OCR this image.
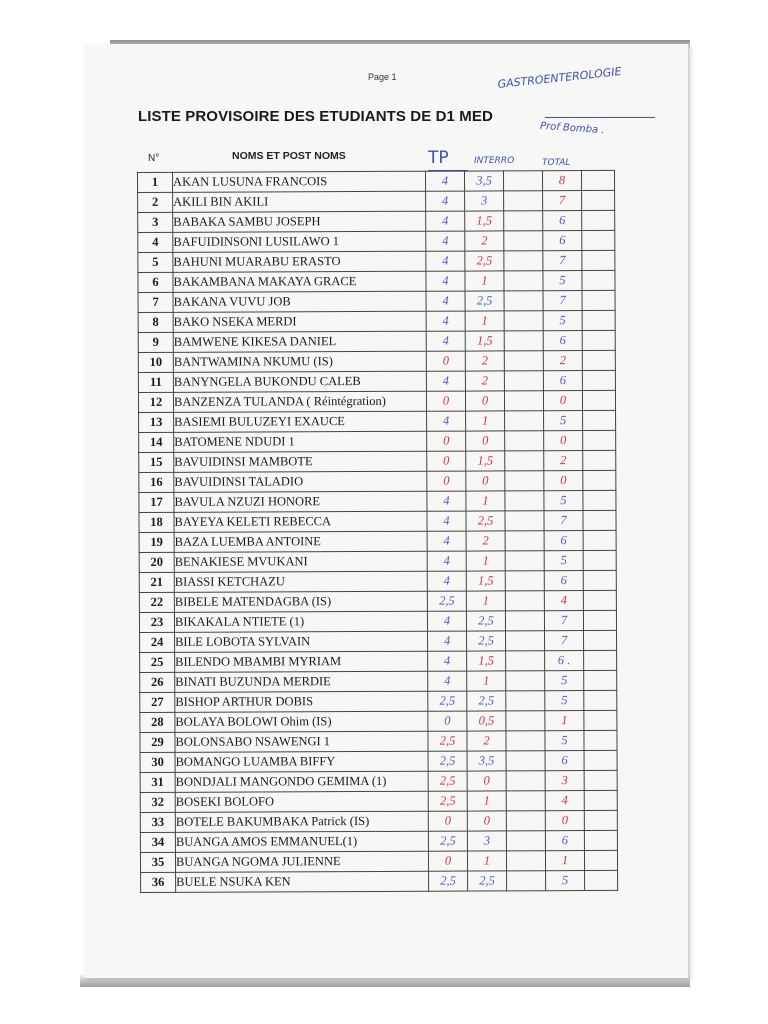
Page 1
LISTE PROVISOIRE DES ETUDIANTS DE D1 MED
GASTROENTEROLOGIE
Prof Bomba .
N°	NOMS ET POST NOMS	TP	INTERRO	TOTAL
1	AKAN LUSUNA FRANCOIS	4	3,5		8	
2	AKILI BIN AKILI	4	3		7	
3	BABAKA SAMBU JOSEPH	4	1,5		6	
4	BAFUIDINSONI LUSILAWO 1	4	2		6	
5	BAHUNI MUARABU ERASTO	4	2,5		7	
6	BAKAMBANA MAKAYA GRACE	4	1		5	
7	BAKANA VUVU JOB	4	2,5		7	
8	BAKO NSEKA MERDI	4	1		5	
9	BAMWENE KIKESA DANIEL	4	1,5		6	
10	BANTWAMINA NKUMU (IS)	0	2		2	
11	BANYNGELA BUKONDU CALEB	4	2		6	
12	BANZENZA TULANDA ( Réintégration)	0	0		0	
13	BASIEMI BULUZEYI EXAUCE	4	1		5	
14	BATOMENE NDUDI 1	0	0		0	
15	BAVUIDINSI MAMBOTE	0	1,5		2	
16	BAVUIDINSI TALADIO	0	0		0	
17	BAVULA NZUZI HONORE	4	1		5	
18	BAYEYA KELETI REBECCA	4	2,5		7	
19	BAZA LUEMBA ANTOINE	4	2		6	
20	BENAKIESE MVUKANI	4	1		5	
21	BIASSI KETCHAZU	4	1,5		6	
22	BIBELE MATENDAGBA (IS)	2,5	1		4	
23	BIKAKALA NTIETE (1)	4	2,5		7	
24	BILE LOBOTA SYLVAIN	4	2,5		7	
25	BILENDO MBAMBI MYRIAM	4	1,5		6 .	
26	BINATI BUZUNDA MERDIE	4	1		5	
27	BISHOP ARTHUR DOBIS	2,5	2,5		5	
28	BOLAYA BOLOWI Ohim (IS)	0	0,5		1	
29	BOLONSABO NSAWENGI 1	2,5	2		5	
30	BOMANGO LUAMBA BIFFY	2,5	3,5		6	
31	BONDJALI MANGONDO GEMIMA (1)	2,5	0		3	
32	BOSEKI BOLOFO	2,5	1		4	
33	BOTELE BAKUMBAKA Patrick (IS)	0	0		0	
34	BUANGA AMOS EMMANUEL(1)	2,5	3		6	
35	BUANGA NGOMA JULIENNE	0	1		1	
36	BUELE NSUKA KEN	2,5	2,5		5	
